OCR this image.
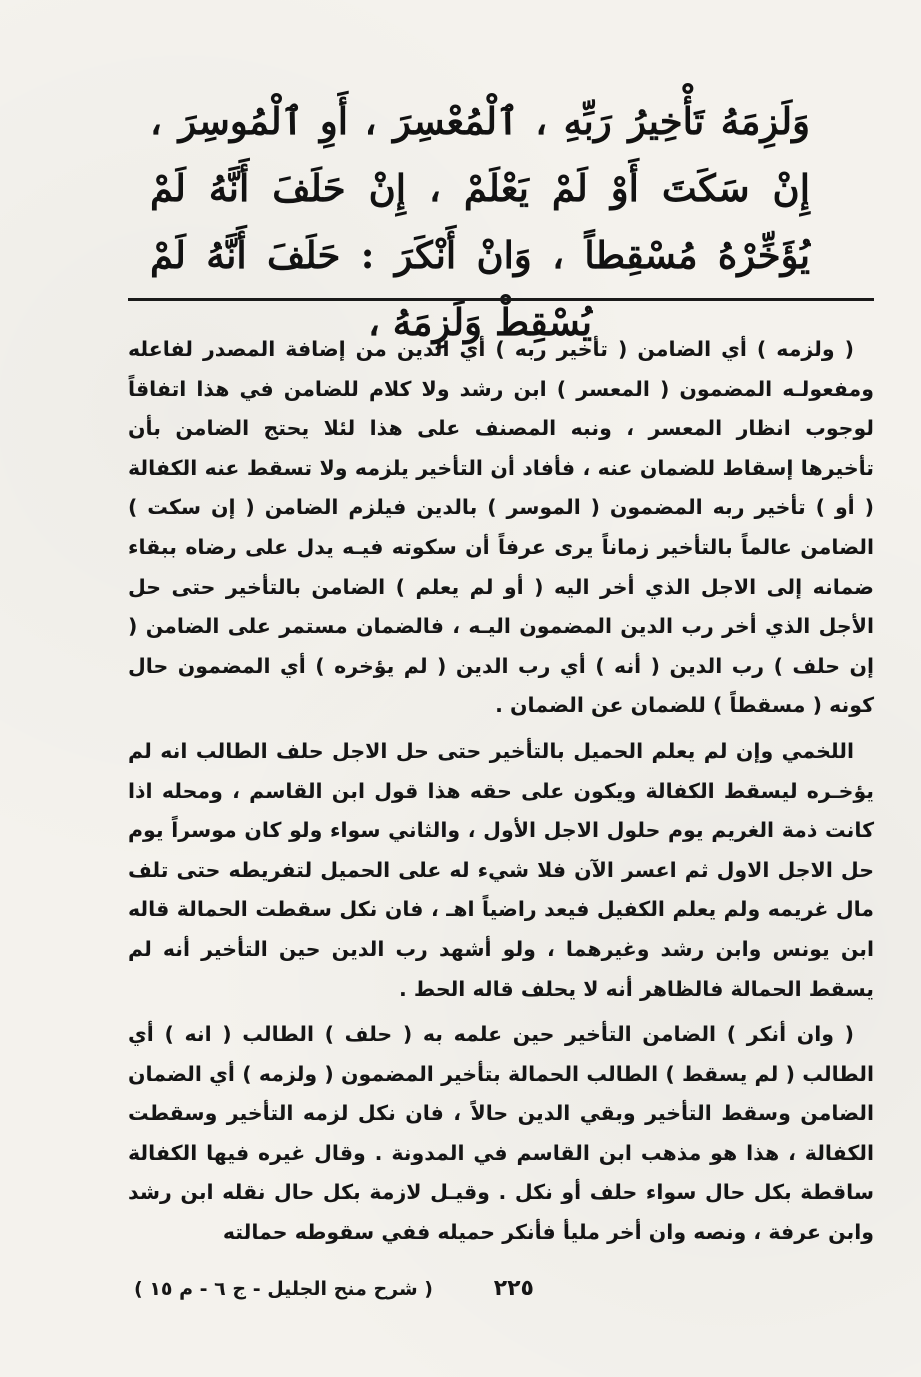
وَلَزِمَهُ تَأْخِيرُ رَبِّهِ ، ٱلْمُعْسِرَ ، أَوِ ٱلْمُوسِرَ ، إِنْ سَكَتَ أَوْ لَمْ يَعْلَمْ ، إِنْ حَلَفَ أَنَّهُ لَمْ يُؤَخِّرْهُ مُسْقِطاً ، وَانْ أَنْكَرَ : حَلَفَ أَنَّهُ لَمْ يُسْقِطْ وَلَزِمَهُ ،

( ولزمه ) أي الضامن ( تأخير ربه ) أي الدين من إضافة المصدر لفاعله ومفعولـه المضمون ( المعسر ) ابن رشد ولا كلام للضامن في هذا اتفاقاً لوجوب انظار المعسر ، ونبه المصنف على هذا لئلا يحتج الضامن بأن تأخيرها إسقاط للضمان عنه ، فأفاد أن التأخير يلزمه ولا تسقط عنه الكفالة ( أو ) تأخير ربه المضمون ( الموسر ) بالدين فيلزم الضامن ( إن سكت ) الضامن عالماً بالتأخير زماناً يرى عرفاً أن سكوته فيـه يدل على رضاه ببقاء ضمانه إلى الاجل الذي أخر اليه ( أو لم يعلم ) الضامن بالتأخير حتى حل الأجل الذي أخر رب الدين المضمون اليـه ، فالضمان مستمر على الضامن ( إن حلف ) رب الدين ( أنه ) أي رب الدين ( لم يؤخره ) أي المضمون حال كونه ( مسقطاً ) للضمان عن الضمان .

اللخمي وإن لم يعلم الحميل بالتأخير حتى حل الاجل حلف الطالب انه لم يؤخـره ليسقط الكفالة ويكون على حقه هذا قول ابن القاسم ، ومحله اذا كانت ذمة الغريم يوم حلول الاجل الأول ، والثاني سواء ولو كان موسراً يوم حل الاجل الاول ثم اعسر الآن فلا شيء له على الحميل لتفريطه حتى تلف مال غريمه ولم يعلم الكفيل فيعد راضياً اهـ ، فان نكل سقطت الحمالة قاله ابن يونس وابن رشد وغيرهما ، ولو أشهد رب الدين حين التأخير أنه لم يسقط الحمالة فالظاهر أنه لا يحلف قاله الحط .

( وان أنكر ) الضامن التأخير حين علمه به ( حلف ) الطالب ( انه ) أي الطالب ( لم يسقط ) الطالب الحمالة بتأخير المضمون ( ولزمه ) أي الضمان الضامن وسقط التأخير وبقي الدين حالاً ، فان نكل لزمه التأخير وسقطت الكفالة ، هذا هو مذهب ابن القاسم في المدونة . وقال غيره فيها الكفالة ساقطة بكل حال سواء حلف أو نكل . وقيـل لازمة بكل حال نقله ابن رشد وابن عرفة ، ونصه وان أخر مليأ فأنكر حميله ففي سقوطه حمالته

٢٢٥
( شرح منح الجليل - ج ٦ - م ١٥ )
